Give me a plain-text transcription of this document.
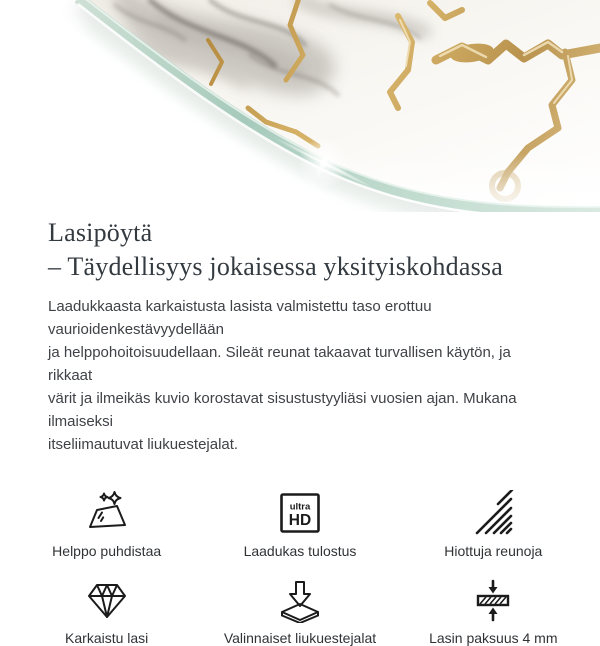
Lasipöytä
– Täydellisyys jokaisessa yksityiskohdassa

Laadukkaasta karkaistusta lasista valmistettu taso erottuu vaurioidenkestävyydellään
ja helppohoitoisuudellaan. Sileät reunat takaavat turvallisen käytön, ja rikkaat
värit ja ilmeikäs kuvio korostavat sisustustyyliäsi vuosien ajan. Mukana ilmaiseksi
itseliimautuvat liukuestejalat.

Helppo puhdistaa
ultra
HD
Laadukas tulostus	Hiottuja reunoja
Karkaistu lasi	Valinnaiset liukuestejalat	Lasin paksuus 4 mm
